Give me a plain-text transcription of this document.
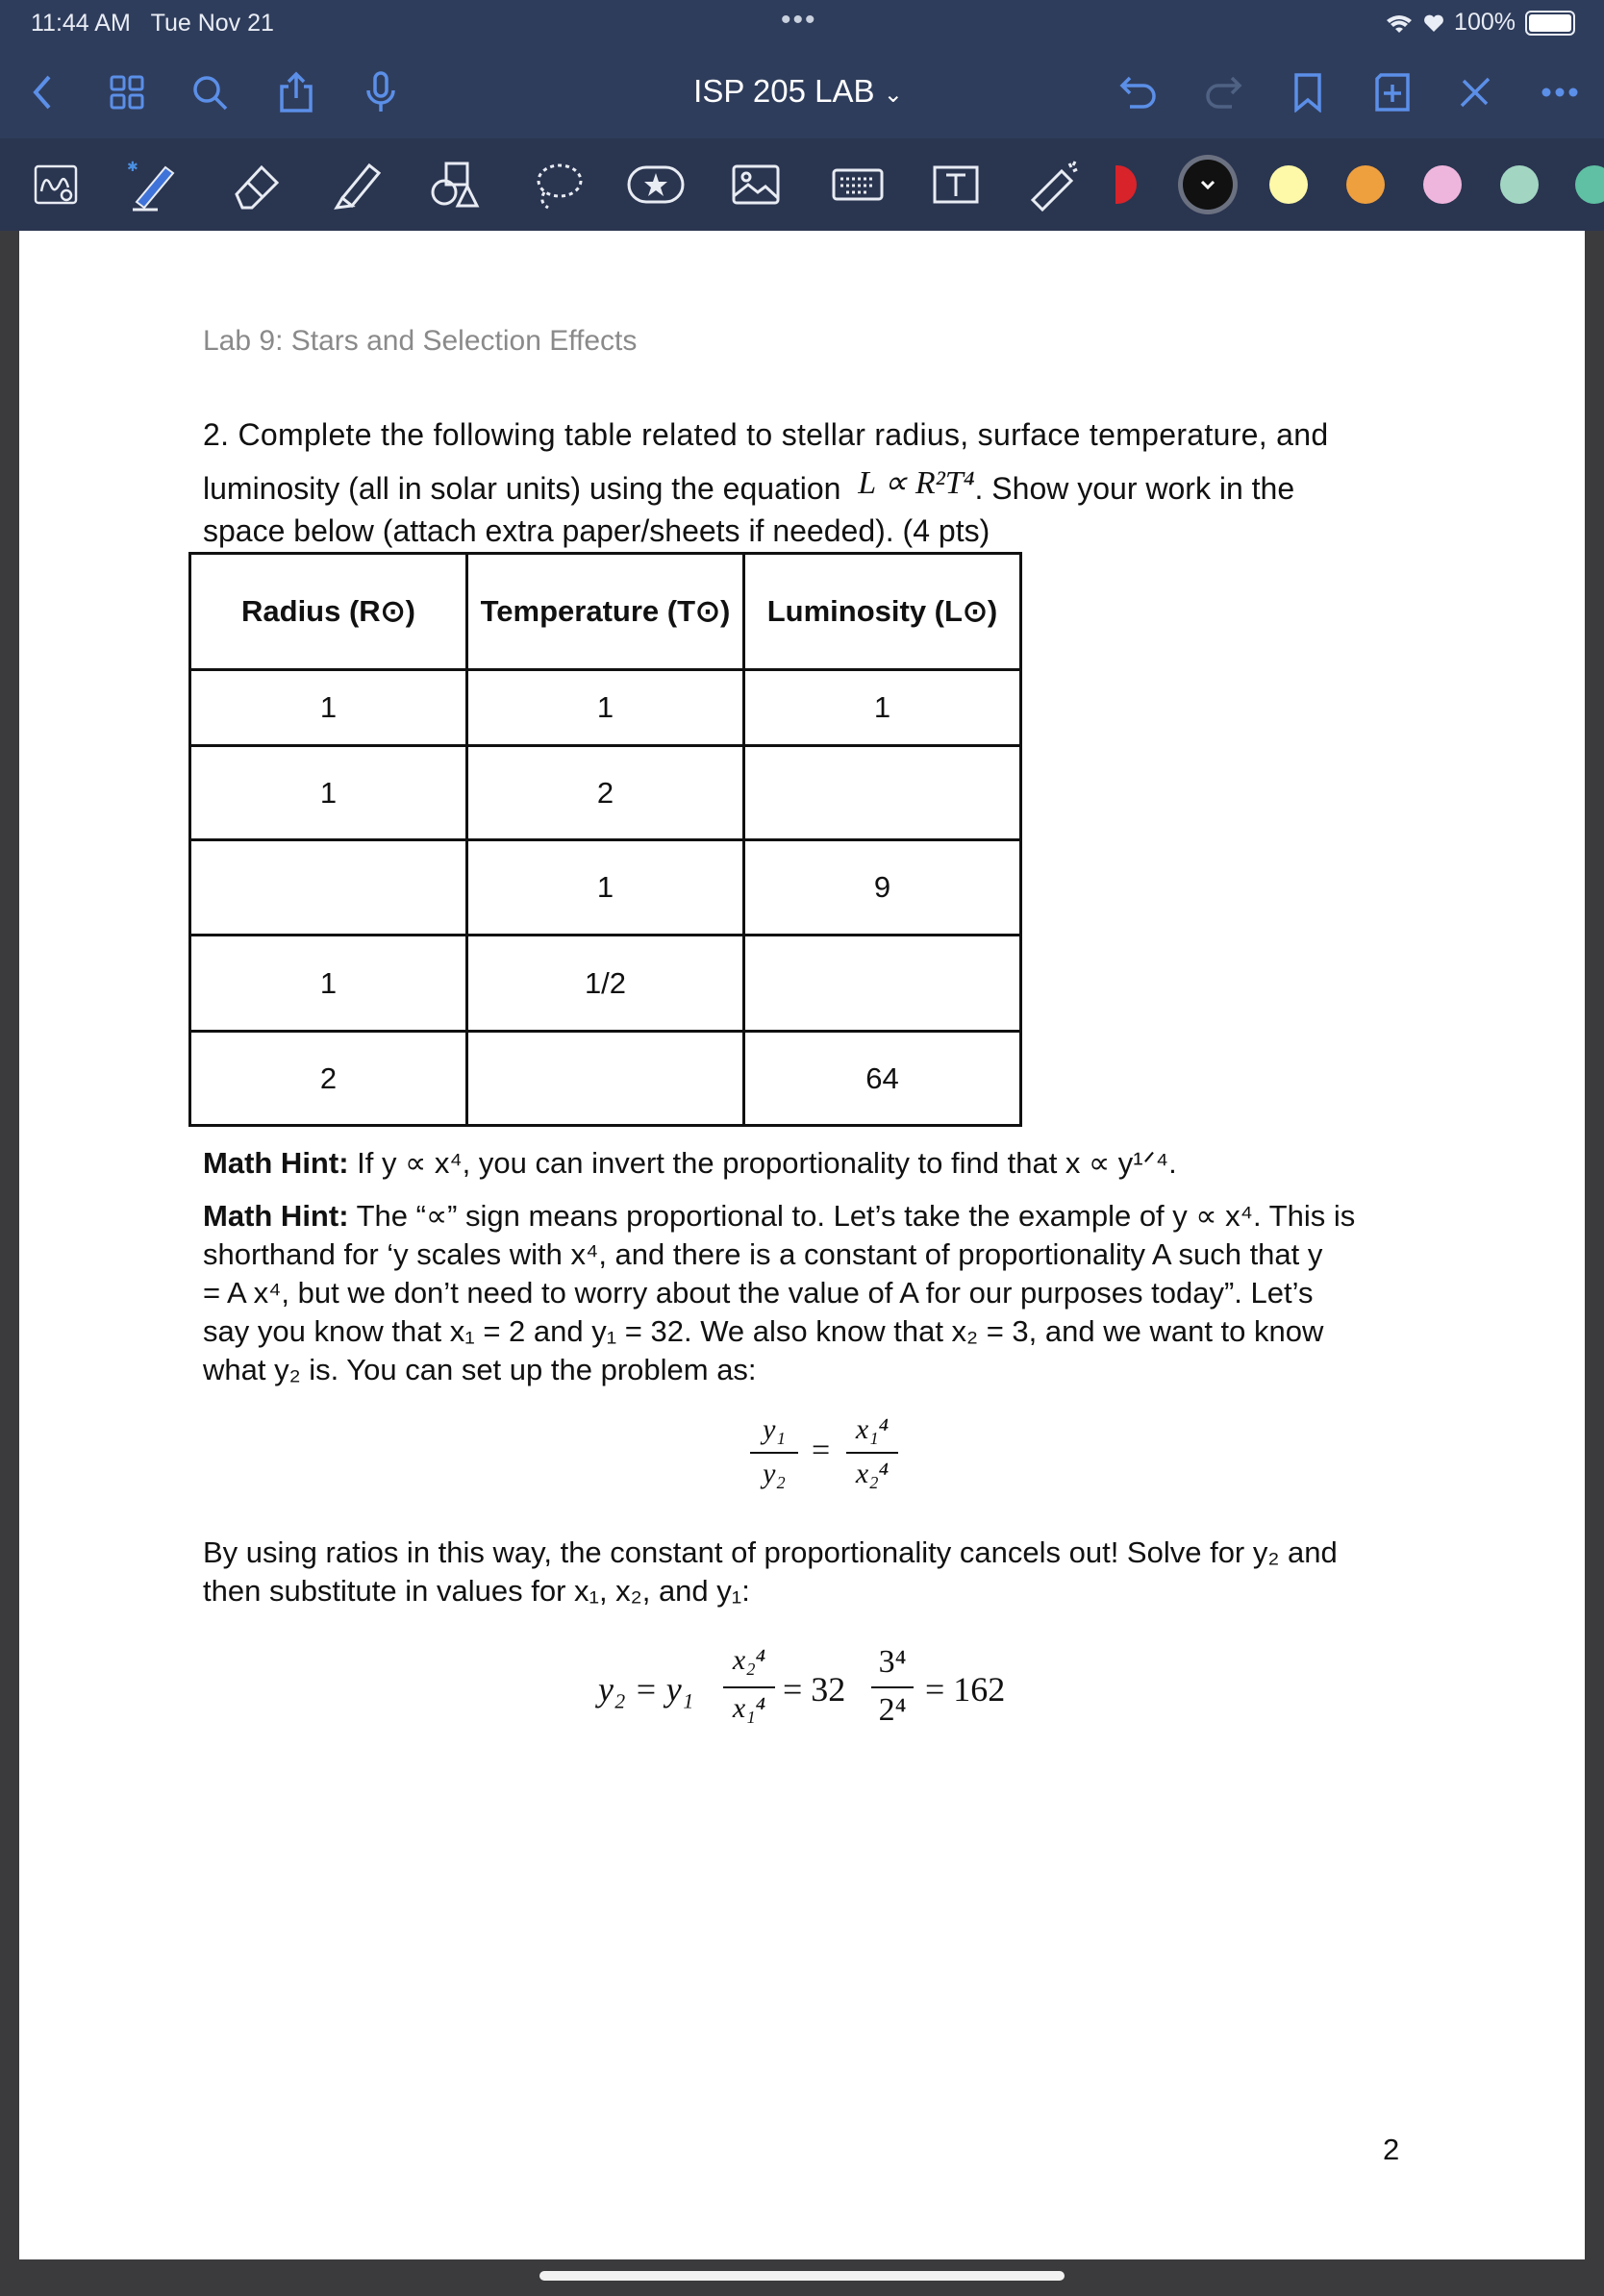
11:44 AM Tue Nov 21	•••	100%
ISP 205 LAB ⌄
✱
Lab 9: Stars and Selection Effects
2. Complete the following table related to stellar radius, surface temperature, and
luminosity (all in solar units) using the equation L ∝ R²T⁴. Show your work in the
space below (attach extra paper/sheets if needed). (4 pts)
Radius (R⊙)	Temperature (T⊙)	Luminosity (L⊙)
1	1	1
1	2	
	1	9
1	1/2	
2		64
Math Hint: If y ∝ x⁴, you can invert the proportionality to find that x ∝ y¹ᐟ⁴.
Math Hint: The “∝” sign means proportional to. Let’s take the example of y ∝ x⁴. This is
shorthand for ‘y scales with x⁴, and there is a constant of proportionality A such that y
= A x⁴, but we don’t need to worry about the value of A for our purposes today”. Let’s
say you know that x₁ = 2 and y₁ = 32. We also know that x₂ = 3, and we want to know
what y₂ is. You can set up the problem as:
y₁
y₂
=
x₁⁴
x₂⁴
By using ratios in this way, the constant of proportionality cancels out! Solve for y₂ and
then substitute in values for x₁, x₂, and y₁:
y₂ = y₁
x₂⁴
x₁⁴ = 32
3⁴
2⁴
= 162
2
